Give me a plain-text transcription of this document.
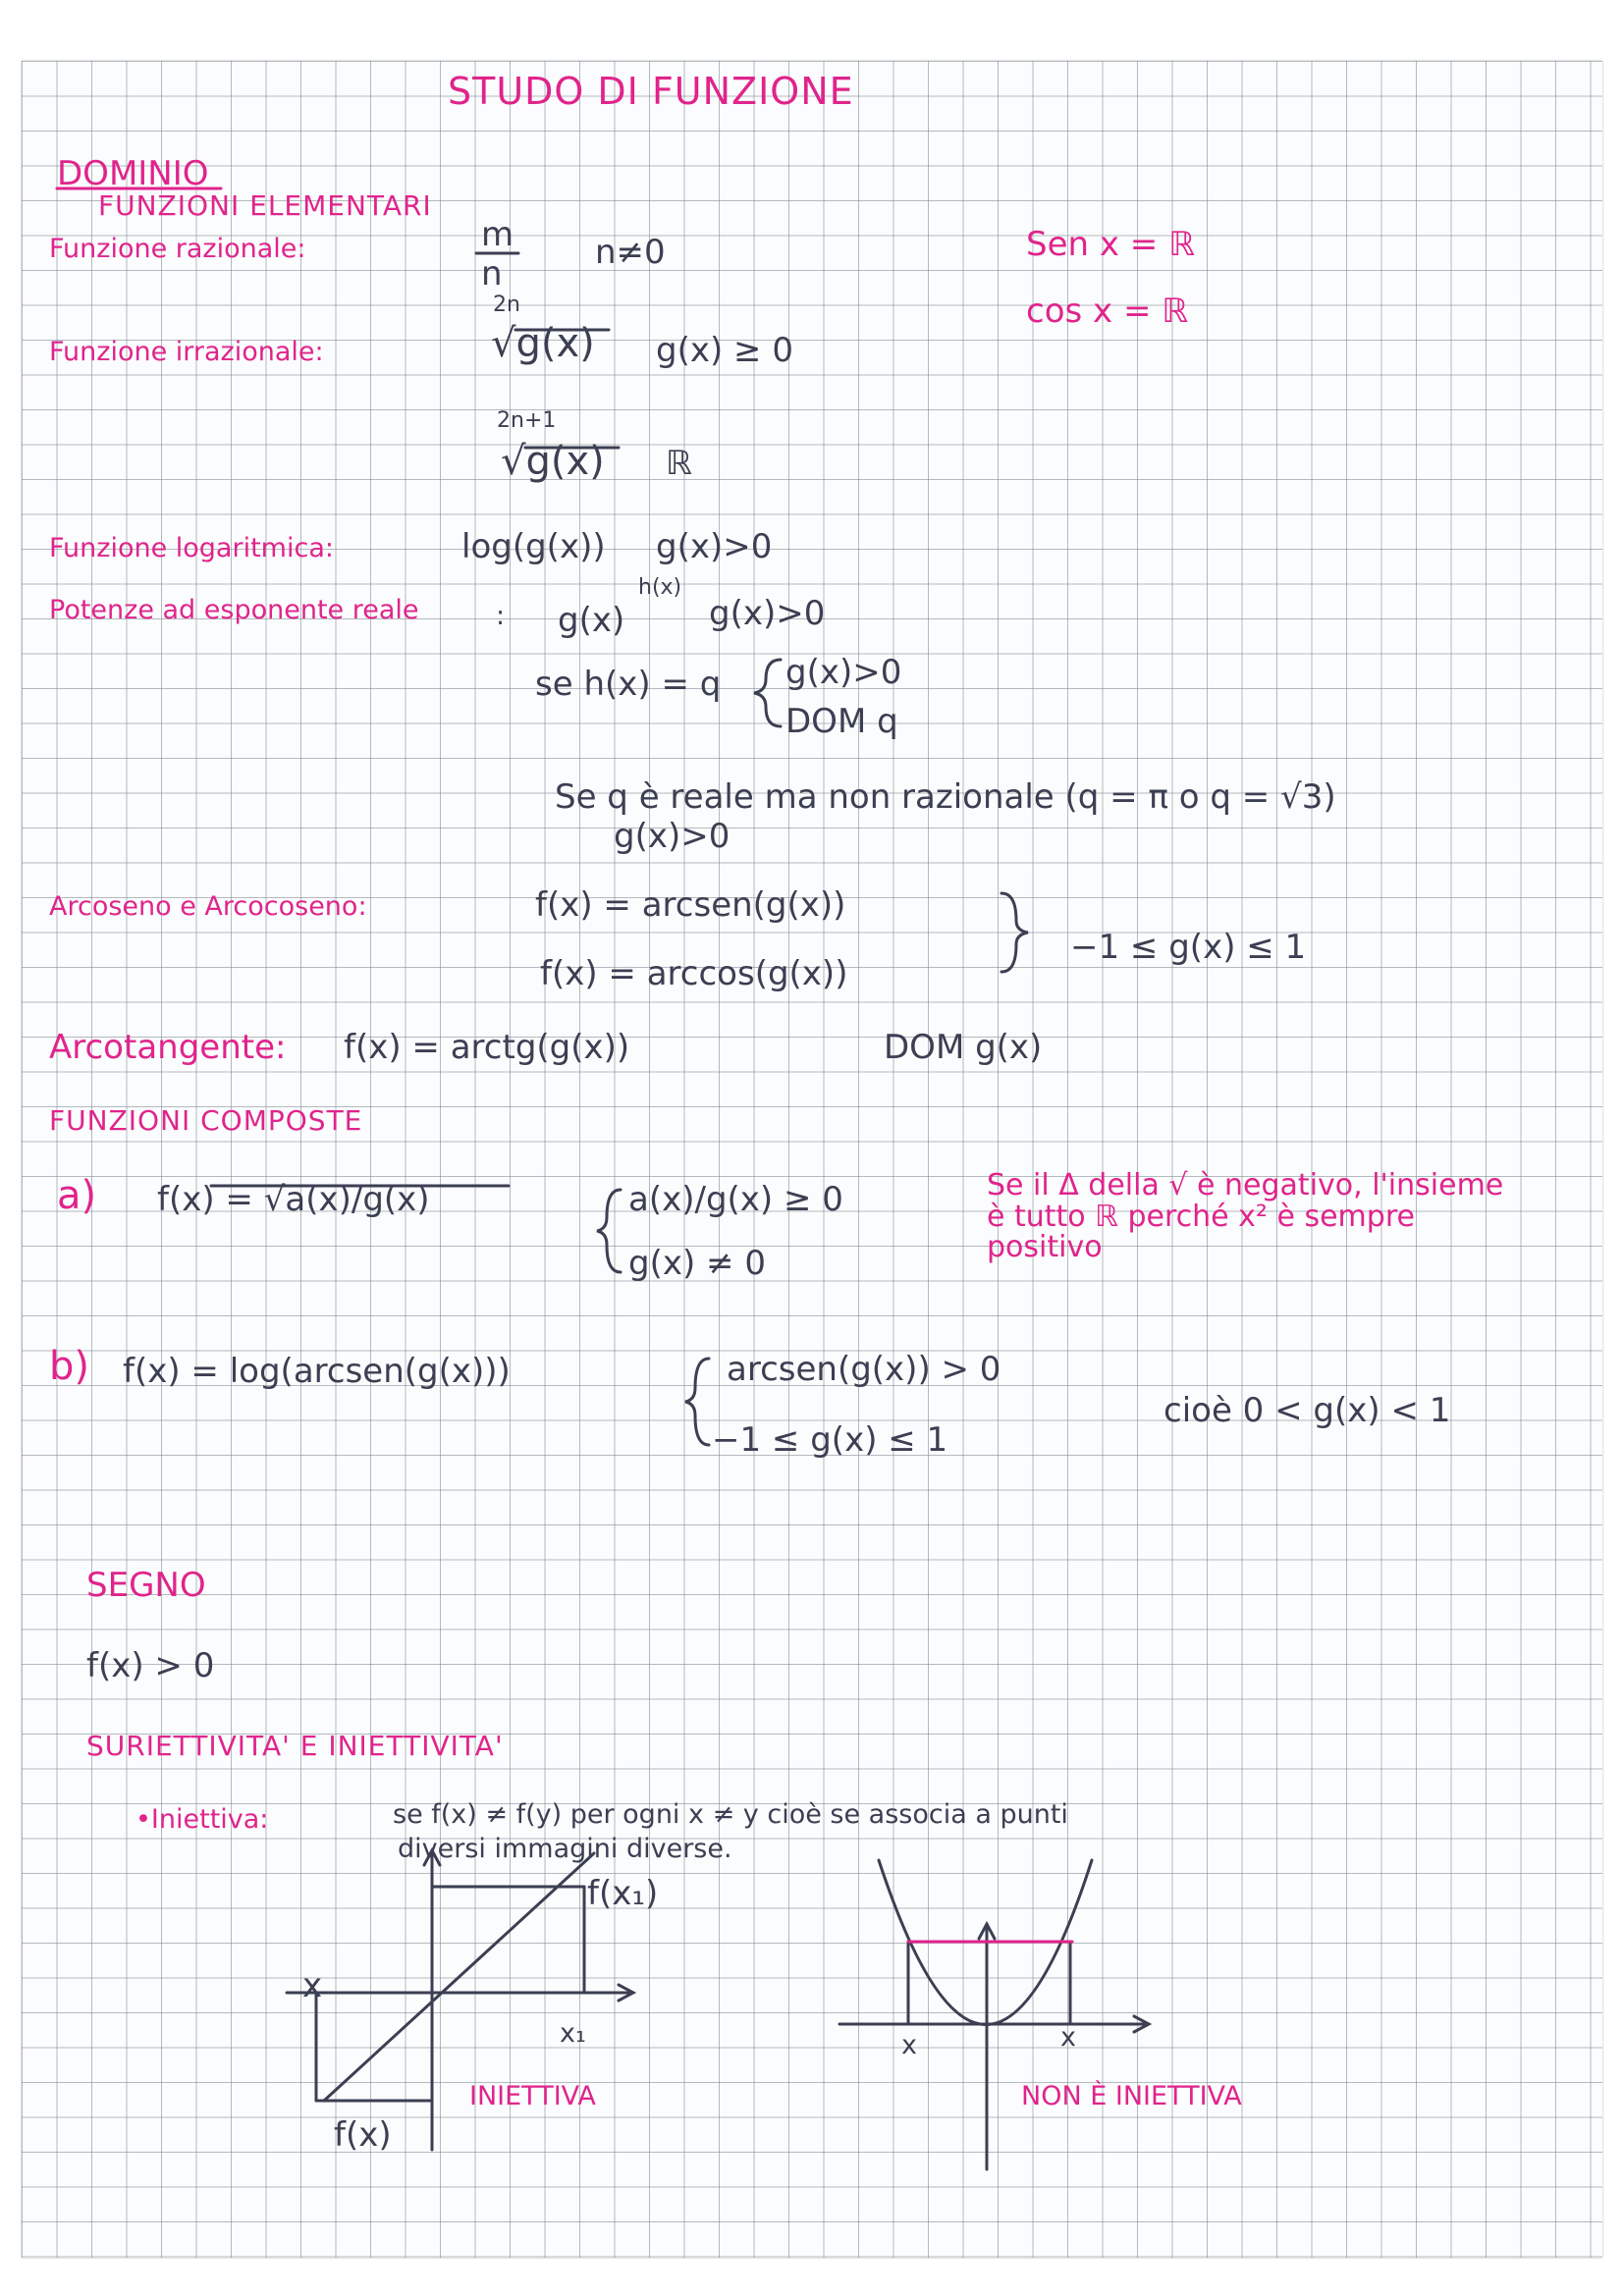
STUDO DI FUNZIONE
DOMINIO
FUNZIONI ELEMENTARI
Funzione razionale:	m
n
n≠0	Sen x = ℝ
cos x = ℝ
Funzione irrazionale:
2n
√g(x) g(x) ≥ 0
2n+1
√g(x) ℝ
Funzione logaritmica:	log(g(x)) g(x)>0
Potenze ad esponente reale	: g(x)
h(x)
g(x)>0
se h(x) = q g(x)>0
DOM q
Se q è reale ma non razionale (q = π o q = √3)
g(x)>0
Arcoseno e Arcocoseno:	f(x) = arcsen(g(x))
f(x) = arccos(g(x))
−1 ≤ g(x) ≤ 1
Arcotangente: f(x) = arctg(g(x))	DOM g(x)
FUNZIONI COMPOSTE
a) f(x) = √a(x)/g(x)	a(x)/g(x) ≥ 0
g(x) ≠ 0
Se il Δ della √ è negativo, l'insieme è tutto ℝ perché x² è sempre positivo
b) f(x) = log(arcsen(g(x)))	arcsen(g(x)) > 0
−1 ≤ g(x) ≤ 1
cioè 0 < g(x) < 1
SEGNO
f(x) > 0
SURIETTIVITA' E INIETTIVITA'
•Iniettiva:	se f(x) ≠ f(y) per ogni x ≠ y cioè se associa a punti
diversi immagini diverse.
f(x₁)
x
x₁
f(x)
INIETTIVA
x	x
NON È INIETTIVA
